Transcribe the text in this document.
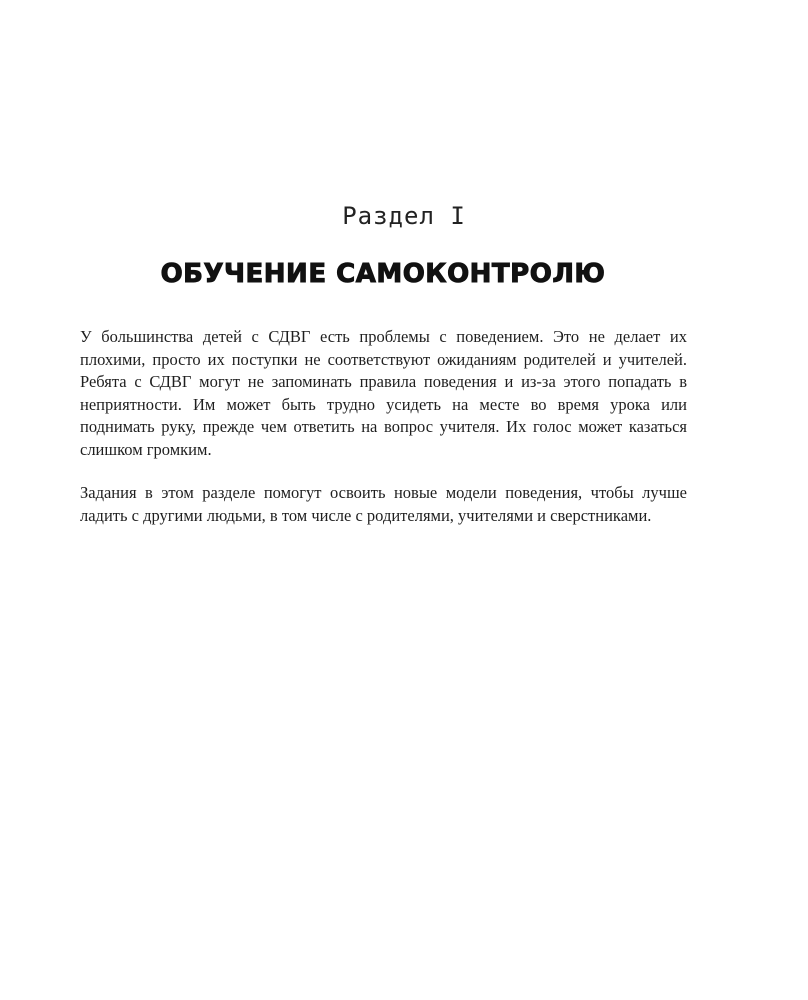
Раздел I
ОБУЧЕНИЕ САМОКОНТРОЛЮ

У большинства детей с СДВГ есть проблемы с поведением. Это не делает их плохими, просто их поступки не соответствуют ожиданиям родителей и учителей. Ребята с СДВГ могут не запоминать правила поведения и из-за этого попадать в неприятности. Им может быть трудно усидеть на месте во время урока или поднимать руку, прежде чем ответить на вопрос учителя. Их голос может казаться слишком громким.

Задания в этом разделе помогут освоить новые модели поведения, чтобы лучше ладить с другими людьми, в том числе с родителями, учителями и сверстниками.
